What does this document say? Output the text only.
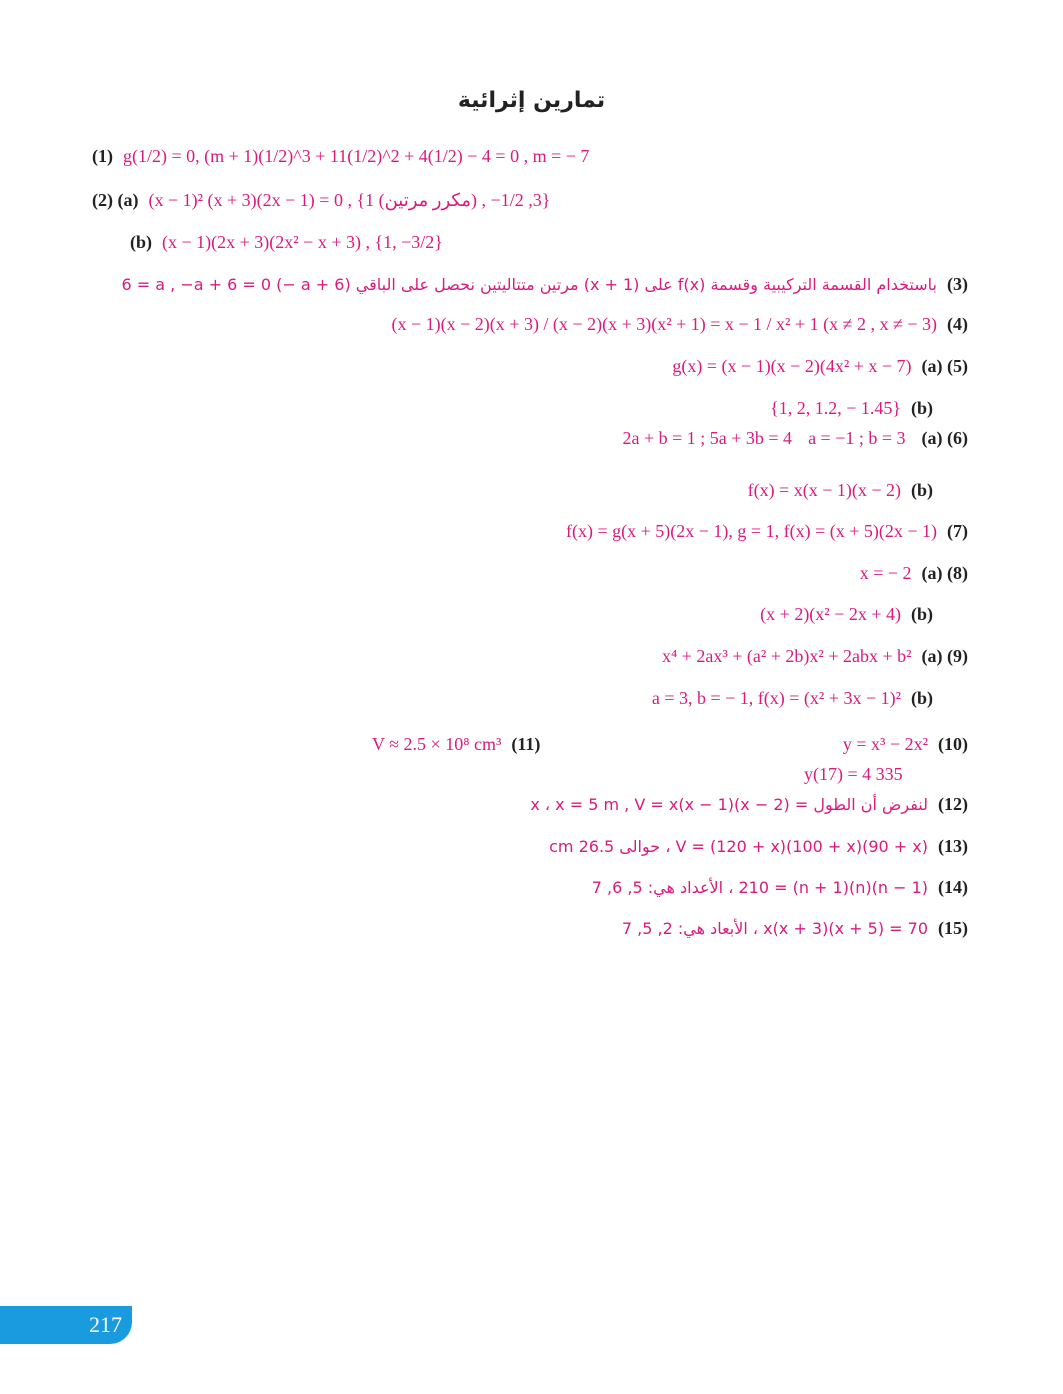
تمارين إثرائية
(1) g(1/2) = 0, (m + 1)(1/2)^3 + 11(1/2)^2 + 4(1/2) − 4 = 0 , m = − 7
(2) (a) (x − 1)² (x + 3)(2x − 1) = 0 , {1 (مكرر مرتين) , −3, 1/2}
(b) (x − 1)(2x + 3)(2x² − x + 3) , {1, −3/2}
(3)
باستخدام القسمة التركيبية وقسمة f(x) على (x + 1) مرتين متتاليتين نحصل على الباقي (6 + a −) 6 = a , −a + 6 = 0
(4)
(x − 1)(x − 2)(x + 3) / (x − 2)(x + 3)(x² + 1) = x − 1 / x² + 1 (x ≠ 2 , x ≠ − 3)
(a) (5)
g(x) = (x − 1)(x − 2)(4x² + x − 7)
(b)
{1, 2, 1.2, − 1.45}
(a) (6)
a = −1 ; b = 3
2a + b = 1 ; 5a + 3b = 4
(b)
f(x) = x(x − 1)(x − 2)
(7)
f(x) = g(x + 5)(2x − 1), g = 1, f(x) = (x + 5)(2x − 1)
(a) (8)
x = − 2
(b)
(x + 2)(x² − 2x + 4)
(a) (9)
x⁴ + 2ax³ + (a² + 2b)x² + 2abx + b²
(b)
a = 3, b = − 1, f(x) = (x² + 3x − 1)²
(10)
y = x³ − 2x²
y(17) = 4 335
(11)
V ≈ 2.5 × 10⁸ cm³
(12)
لنفرض أن الطول = x ، x = 5 m , V = x(x − 1)(x − 2)
(13)
V = (120 + x)(100 + x)(90 + x) ، حوالى 26.5 cm
(14)
(n − 1)(n)(n + 1) = 210 ، الأعداد هي: 5, 6, 7
(15)
x(x + 3)(x + 5) = 70 ، الأبعاد هي: 2, 5, 7
217
